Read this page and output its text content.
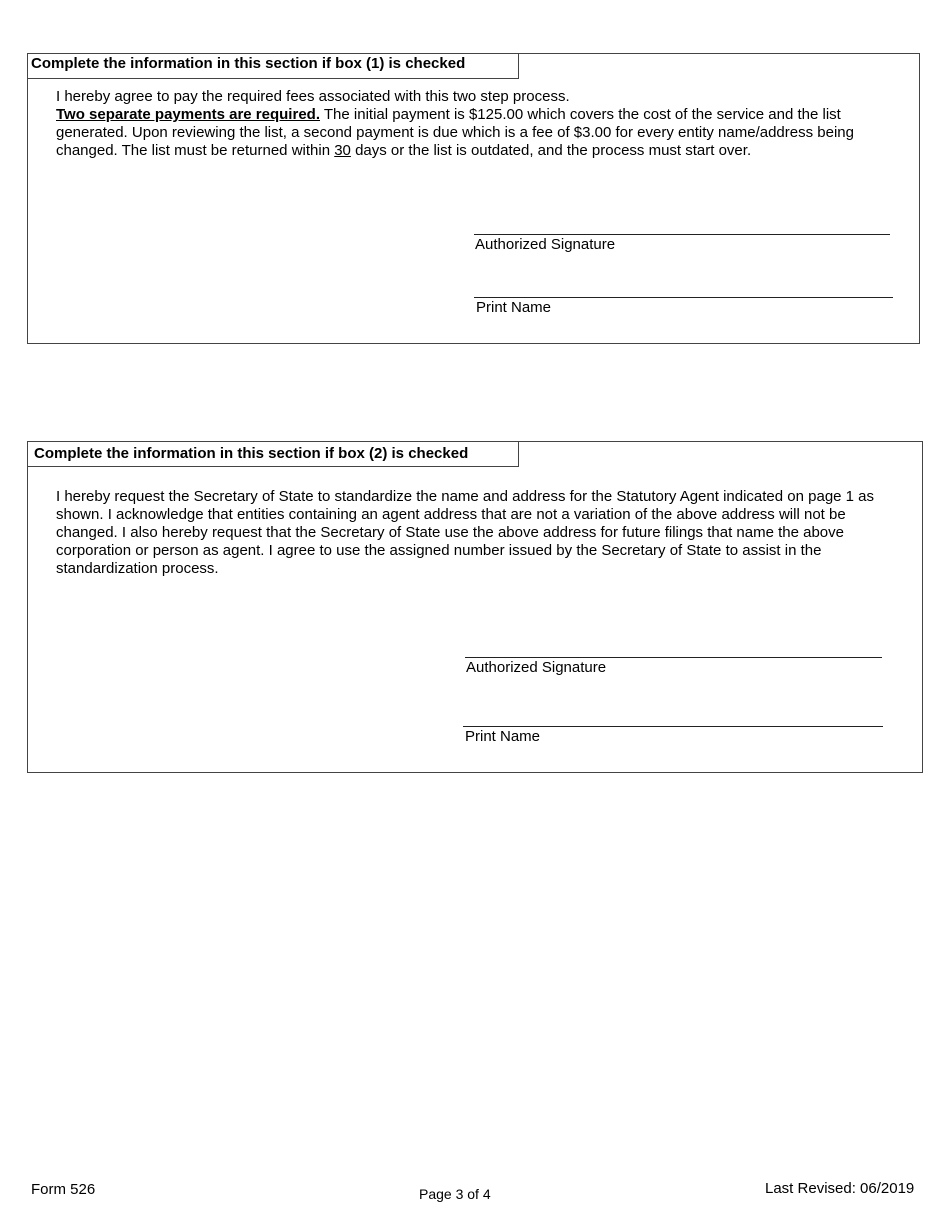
Complete the information in this section if box (1) is checked
I hereby agree to pay the required fees associated with this two step process.
Two separate payments are required. The initial payment is $125.00 which covers the cost of the service and the list generated. Upon reviewing the list, a second payment is due which is a fee of $3.00 for every entity name/address being changed. The list must be returned within 30 days or the list is outdated, and the process must start over.
Authorized Signature
Print Name
Complete the information in this section if box (2) is checked
I hereby request the Secretary of State to standardize the name and address for the Statutory Agent indicated on page 1 as shown. I acknowledge that entities containing an agent address that are not a variation of the above address will not be changed. I also hereby request that the Secretary of State use the above address for future filings that name the above corporation or person as agent. I agree to use the assigned number issued by the Secretary of State to assist in the standardization process.
Authorized Signature
Print Name
Form 526	Page 3 of 4	Last Revised: 06/2019
